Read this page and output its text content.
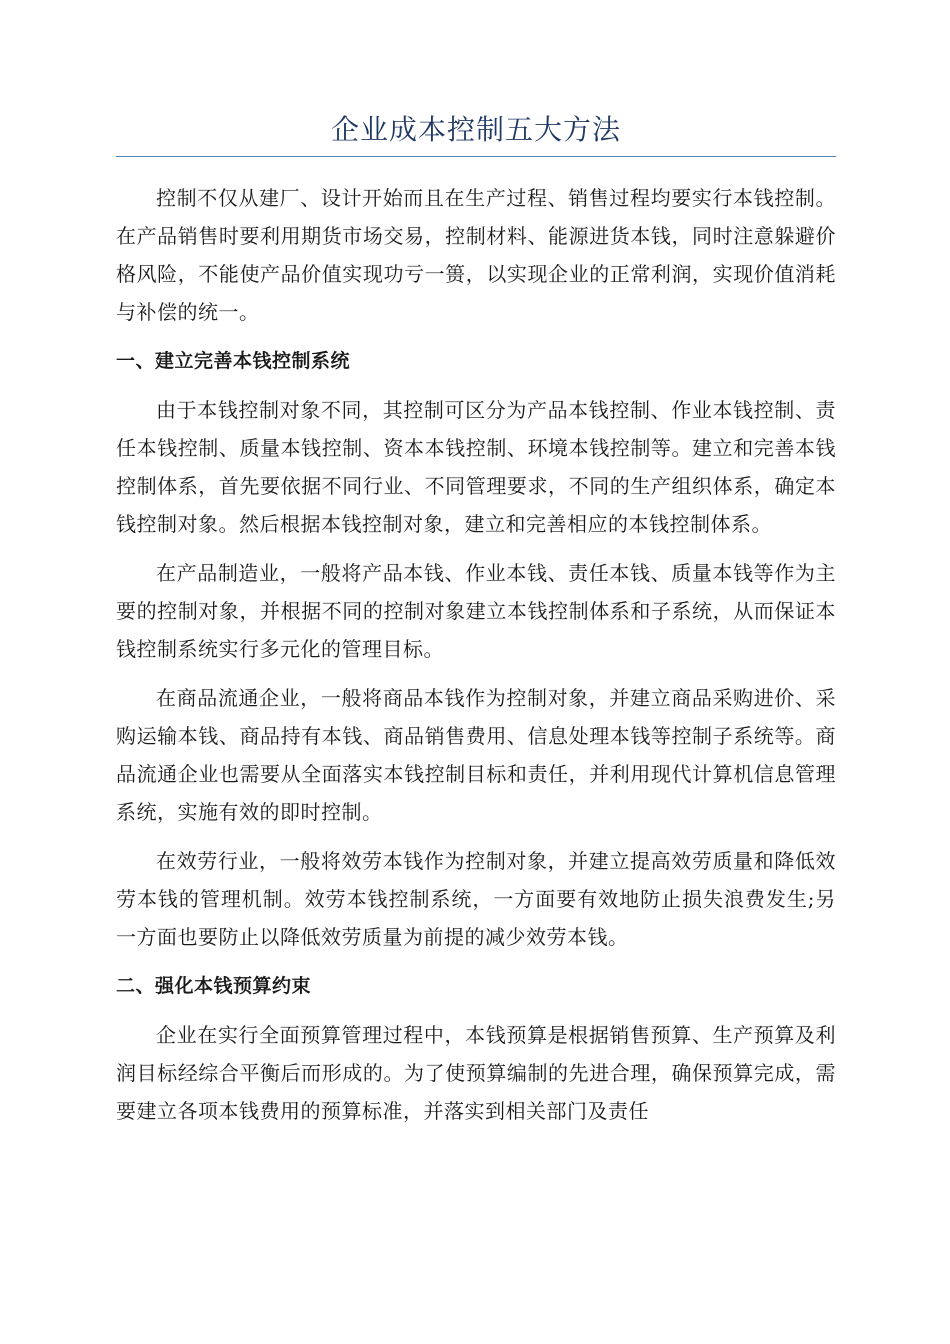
企业成本控制五大方法

控制不仅从建厂、设计开始而且在生产过程、销售过程均要实行本钱控制。在产品销售时要利用期货市场交易，控制材料、能源进货本钱，同时注意躲避价格风险，不能使产品价值实现功亏一篑，以实现企业的正常利润，实现价值消耗与补偿的统一。

一、建立完善本钱控制系统

由于本钱控制对象不同，其控制可区分为产品本钱控制、作业本钱控制、责任本钱控制、质量本钱控制、资本本钱控制、环境本钱控制等。建立和完善本钱控制体系，首先要依据不同行业、不同管理要求，不同的生产组织体系，确定本钱控制对象。然后根据本钱控制对象，建立和完善相应的本钱控制体系。

在产品制造业，一般将产品本钱、作业本钱、责任本钱、质量本钱等作为主要的控制对象，并根据不同的控制对象建立本钱控制体系和子系统，从而保证本钱控制系统实行多元化的管理目标。

在商品流通企业，一般将商品本钱作为控制对象，并建立商品采购进价、采购运输本钱、商品持有本钱、商品销售费用、信息处理本钱等控制子系统等。商品流通企业也需要从全面落实本钱控制目标和责任，并利用现代计算机信息管理系统，实施有效的即时控制。

在效劳行业，一般将效劳本钱作为控制对象，并建立提高效劳质量和降低效劳本钱的管理机制。效劳本钱控制系统，一方面要有效地防止损失浪费发生;另一方面也要防止以降低效劳质量为前提的减少效劳本钱。

二、强化本钱预算约束

企业在实行全面预算管理过程中，本钱预算是根据销售预算、生产预算及利润目标经综合平衡后而形成的。为了使预算编制的先进合理，确保预算完成，需要建立各项本钱费用的预算标准，并落实到相关部门及责任
